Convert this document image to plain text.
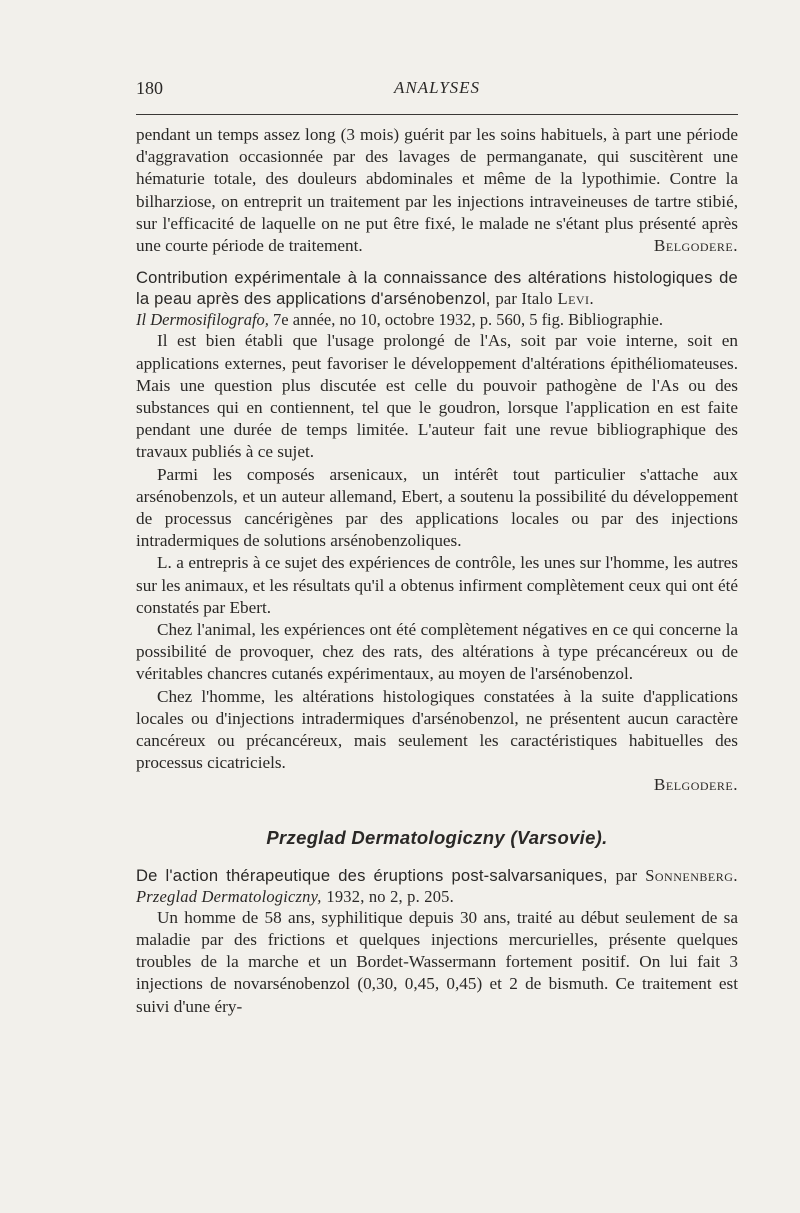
180	ANALYSES

pendant un temps assez long (3 mois) guérit par les soins habituels, à part une période d'aggravation occasionnée par des lavages de permanganate, qui suscitèrent une hématurie totale, des douleurs abdominales et même de la lypothimie. Contre la bilharziose, on entreprit un traitement par les injections intraveineuses de tartre stibié, sur l'efficacité de laquelle on ne put être fixé, le malade ne s'étant plus présenté après une courte période de traitement.	Belgodere.

Contribution expérimentale à la connaissance des altérations histologiques de la peau après des applications d'arsénobenzol, par Italo Levi.

Il Dermosifilografo, 7e année, no 10, octobre 1932, p. 560, 5 fig. Bibliographie.

Il est bien établi que l'usage prolongé de l'As, soit par voie interne, soit en applications externes, peut favoriser le développement d'altérations épithéliomateuses. Mais une question plus discutée est celle du pouvoir pathogène de l'As ou des substances qui en contiennent, tel que le goudron, lorsque l'application en est faite pendant une durée de temps limitée. L'auteur fait une revue bibliographique des travaux publiés à ce sujet.

Parmi les composés arsenicaux, un intérêt tout particulier s'attache aux arsénobenzols, et un auteur allemand, Ebert, a soutenu la possibilité du développement de processus cancérigènes par des applications locales ou par des injections intradermiques de solutions arsénobenzoliques.

L. a entrepris à ce sujet des expériences de contrôle, les unes sur l'homme, les autres sur les animaux, et les résultats qu'il a obtenus infirment complètement ceux qui ont été constatés par Ebert.

Chez l'animal, les expériences ont été complètement négatives en ce qui concerne la possibilité de provoquer, chez des rats, des altérations à type précancéreux ou de véritables chancres cutanés expérimentaux, au moyen de l'arsénobenzol.

Chez l'homme, les altérations histologiques constatées à la suite d'applications locales ou d'injections intradermiques d'arsénobenzol, ne présentent aucun caractère cancéreux ou précancéreux, mais seulement les caractéristiques habituelles des processus cicatriciels.

Belgodere.

Przeglad Dermatologiczny (Varsovie).

De l'action thérapeutique des éruptions post-salvarsaniques, par Sonnenberg. Przeglad Dermatologiczny, 1932, no 2, p. 205.

Un homme de 58 ans, syphilitique depuis 30 ans, traité au début seulement de sa maladie par des frictions et quelques injections mercurielles, présente quelques troubles de la marche et un Bordet-Wassermann fortement positif. On lui fait 3 injections de novarsénobenzol (0,30, 0,45, 0,45) et 2 de bismuth. Ce traitement est suivi d'une éry-
